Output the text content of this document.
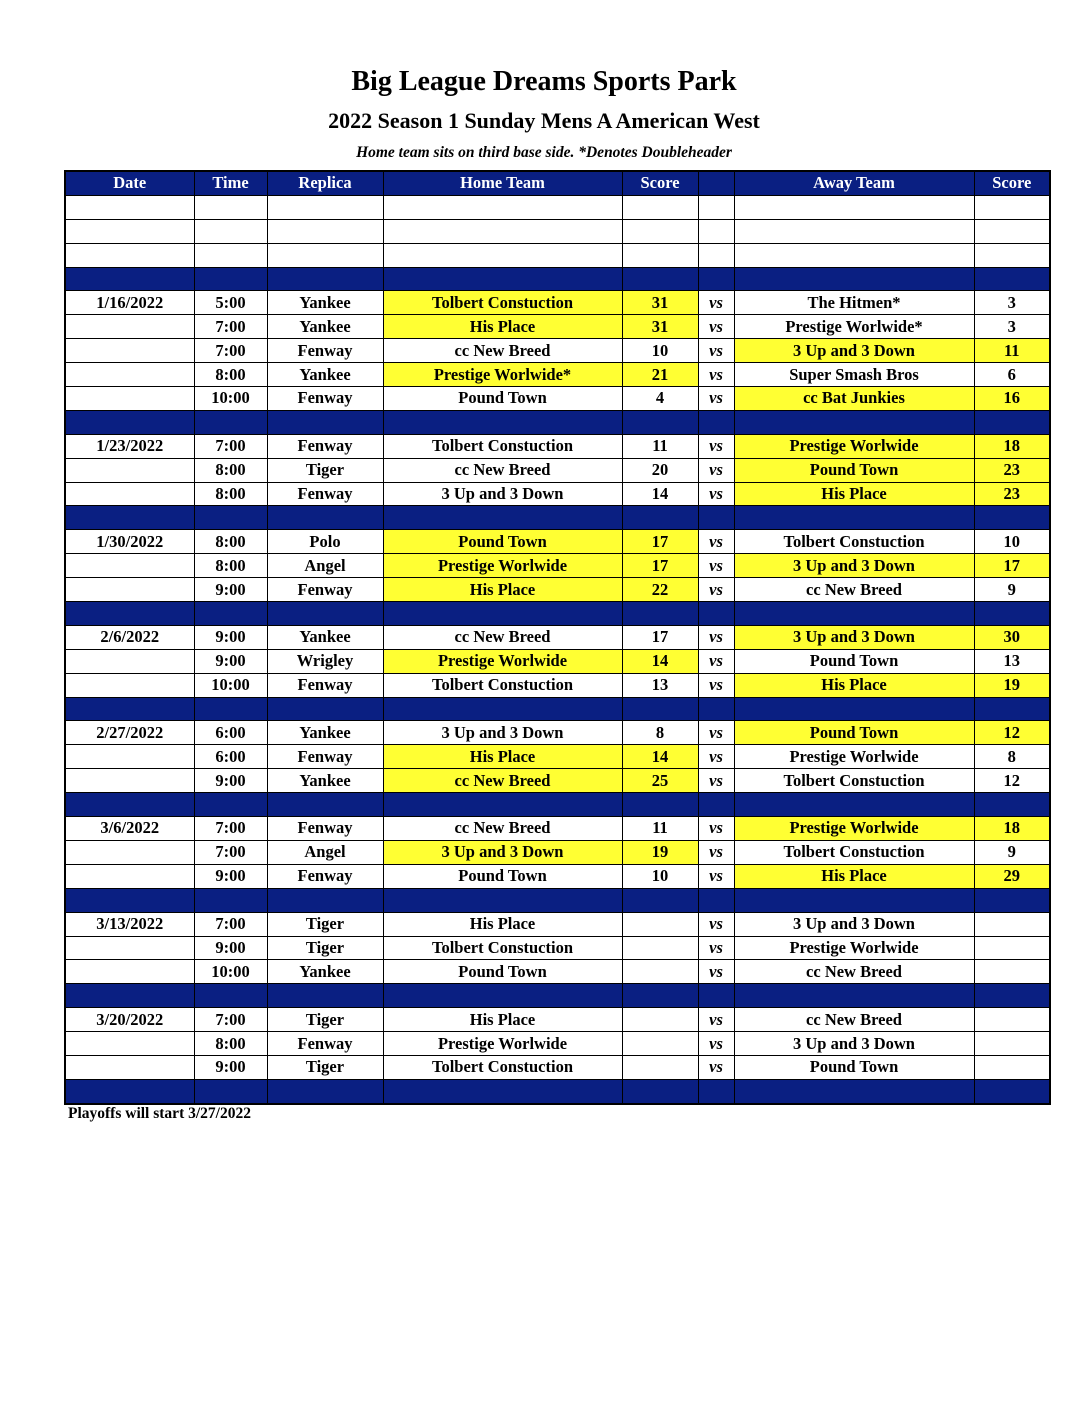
Big League Dreams Sports Park
2022 Season 1 Sunday Mens A American West
Home team sits on third base side. *Denotes Doubleheader
Date	Time	Replica	Home Team	Score		Away Team	Score

1/16/2022	5:00	Yankee	Tolbert Constuction	31	vs	The Hitmen*	3
	7:00	Yankee	His Place	31	vs	Prestige Worlwide*	3
	7:00	Fenway	cc New Breed	10	vs	3 Up and 3 Down	11
	8:00	Yankee	Prestige Worlwide*	21	vs	Super Smash Bros	6
	10:00	Fenway	Pound Town	4	vs	cc Bat Junkies	16

1/23/2022	7:00	Fenway	Tolbert Constuction	11	vs	Prestige Worlwide	18
	8:00	Tiger	cc New Breed	20	vs	Pound Town	23
	8:00	Fenway	3 Up and 3 Down	14	vs	His Place	23

1/30/2022	8:00	Polo	Pound Town	17	vs	Tolbert Constuction	10
	8:00	Angel	Prestige Worlwide	17	vs	3 Up and 3 Down	17
	9:00	Fenway	His Place	22	vs	cc New Breed	9

2/6/2022	9:00	Yankee	cc New Breed	17	vs	3 Up and 3 Down	30
	9:00	Wrigley	Prestige Worlwide	14	vs	Pound Town	13
	10:00	Fenway	Tolbert Constuction	13	vs	His Place	19

2/27/2022	6:00	Yankee	3 Up and 3 Down	8	vs	Pound Town	12
	6:00	Fenway	His Place	14	vs	Prestige Worlwide	8
	9:00	Yankee	cc New Breed	25	vs	Tolbert Constuction	12

3/6/2022	7:00	Fenway	cc New Breed	11	vs	Prestige Worlwide	18
	7:00	Angel	3 Up and 3 Down	19	vs	Tolbert Constuction	9
	9:00	Fenway	Pound Town	10	vs	His Place	29

3/13/2022	7:00	Tiger	His Place		vs	3 Up and 3 Down	
	9:00	Tiger	Tolbert Constuction		vs	Prestige Worlwide	
	10:00	Yankee	Pound Town		vs	cc New Breed	

3/20/2022	7:00	Tiger	His Place		vs	cc New Breed	
	8:00	Fenway	Prestige Worlwide		vs	3 Up and 3 Down	
	9:00	Tiger	Tolbert Constuction		vs	Pound Town	

Playoffs will start 3/27/2022
